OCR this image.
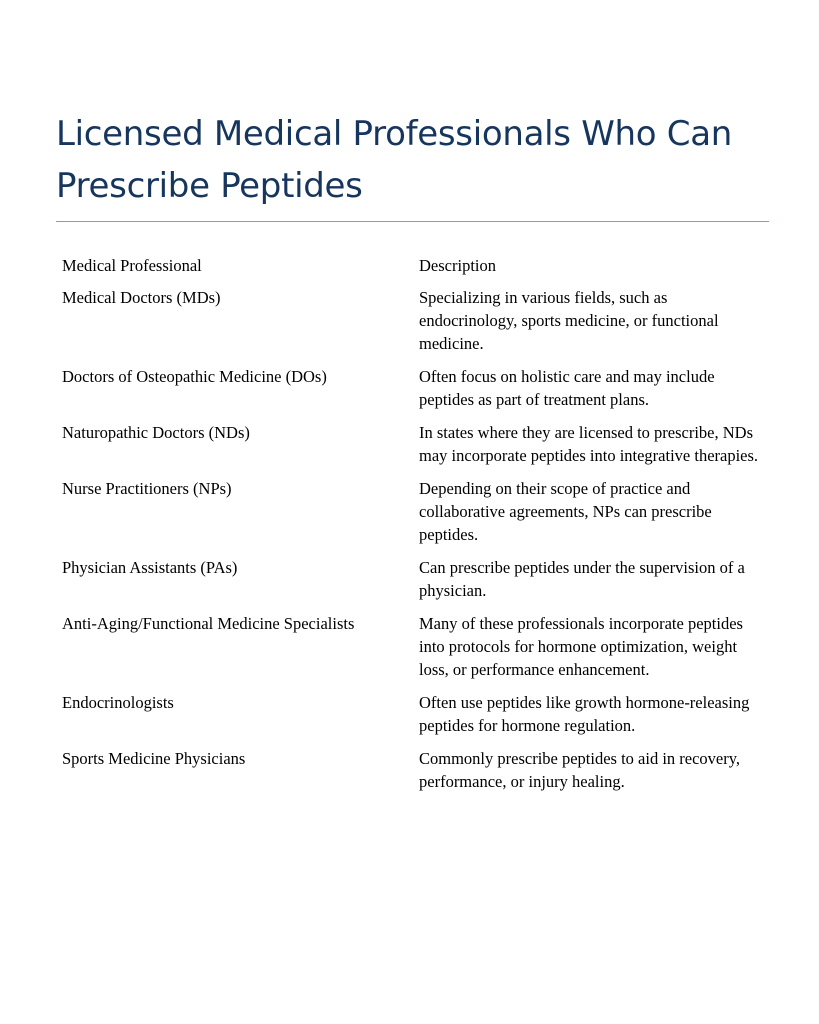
Licensed Medical Professionals Who Can Prescribe Peptides
Medical Professional	Description
Medical Doctors (MDs)	Specializing in various fields, such as endocrinology, sports medicine, or functional medicine.
Doctors of Osteopathic Medicine (DOs)	Often focus on holistic care and may include peptides as part of treatment plans.
Naturopathic Doctors (NDs)	In states where they are licensed to prescribe, NDs may incorporate peptides into integrative therapies.
Nurse Practitioners (NPs)	Depending on their scope of practice and collaborative agreements, NPs can prescribe peptides.
Physician Assistants (PAs)	Can prescribe peptides under the supervision of a physician.
Anti-Aging/Functional Medicine Specialists	Many of these professionals incorporate peptides into protocols for hormone optimization, weight loss, or performance enhancement.
Endocrinologists	Often use peptides like growth hormone-releasing peptides for hormone regulation.
Sports Medicine Physicians	Commonly prescribe peptides to aid in recovery, performance, or injury healing.
